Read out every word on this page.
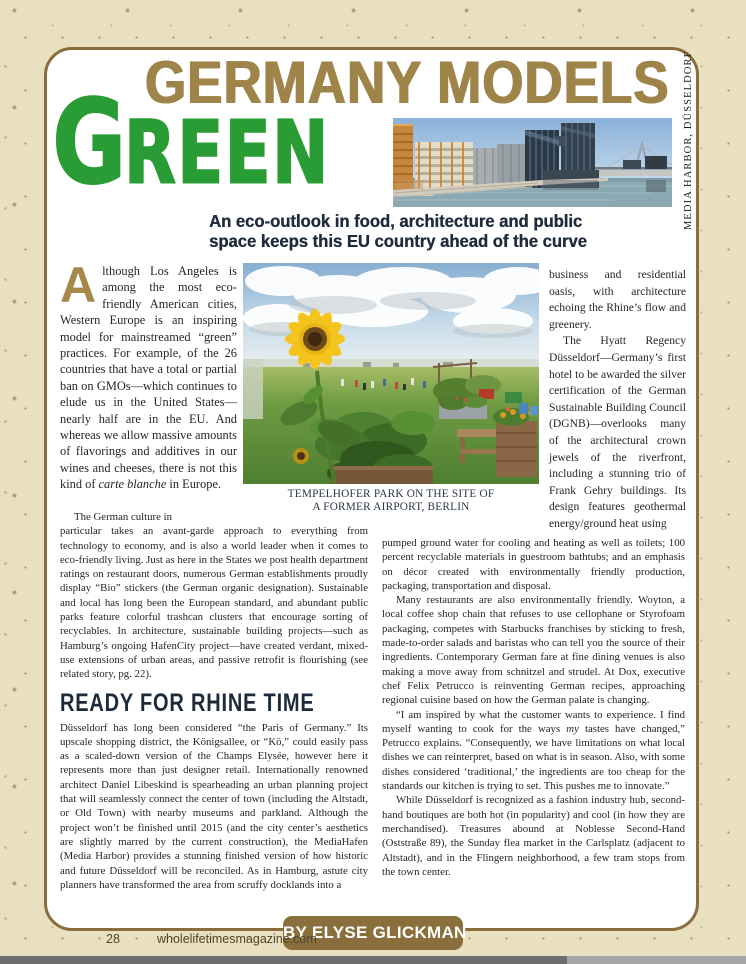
GERMANY MODELS
G
REEN	MEDIA HARBOR, DÜSSELDORF
An eco-outlook in food, architecture and public
space keeps this EU country ahead of the curve

Although Los Angeles is among the most eco-friendly American cities, Western Europe is an inspiring model for mainstreamed “green” practices. For example, of the 26 countries that have a total or partial ban on GMOs—which continues to elude us in the United States—nearly half are in the EU. And whereas we allow massive amounts of flavorings and additives in our wines and cheeses, there is not this kind of carte blanche in Europe.

TEMPELHOFER PARK ON THE SITE OF
A FORMER AIRPORT, BERLIN

business and residential oasis, with architecture echoing the Rhine’s flow and greenery.

The Hyatt Regency Düsseldorf—Germany’s first hotel to be awarded the silver certification of the German Sustainable Building Council (DGNB)—overlooks many of the architectural crown jewels of the riverfront, including a stunning trio of Frank Gehry buildings. Its design features geothermal energy/ground heat using

The German culture in
particular takes an avant-garde approach to everything from technology to economy, and is also a world leader when it comes to eco-friendly living. Just as here in the States we post health department ratings on restaurant doors, numerous German establishments proudly display “Bio” stickers (the German organic designation). Sustainable and local has long been the European standard, and abundant public parks feature colorful trashcan clusters that encourage sorting of recyclables. In architecture, sustainable building projects—such as Hamburg’s ongoing HafenCity project—have created verdant, mixed-use extensions of urban areas, and passive retrofit is flourishing (see related story, pg. 22).

READY FOR RHINE TIME

Düsseldorf has long been considered “the Paris of Germany.” Its upscale shopping district, the Königsallee, or “Kö,” could easily pass as a scaled-down version of the Champs Elysée, however here it represents more than just designer retail. Internationally renowned architect Daniel Libeskind is spearheading an urban planning project that will seamlessly connect the center of town (including the Altstadt, or Old Town) with nearby museums and parkland. Although the project won’t be finished until 2015 (and the city center’s aesthetics are slightly marred by the current construction), the MediaHafen (Media Harbor) provides a stunning finished version of how historic and future Düsseldorf will be reconciled. As in Hamburg, astute city planners have transformed the area from scruffy docklands into a

pumped ground water for cooling and heating as well as toilets; 100 percent recyclable materials in guestroom bathtubs; and an emphasis on décor created with environmentally friendly production, packaging, transportation and disposal.

Many restaurants are also environmentally friendly. Woyton, a local coffee shop chain that refuses to use cellophane or Styrofoam packaging, competes with Starbucks franchises by sticking to fresh, made-to-order salads and baristas who can tell you the source of their ingredients. Contemporary German fare at fine dining venues is also making a move away from schnitzel and strudel. At Dox, executive chef Felix Petrucco is reinventing German recipes, approaching regional cuisine based on how the German palate is changing.

“I am inspired by what the customer wants to experience. I find myself wanting to cook for the ways my tastes have changed,” Petrucco explains. “Consequently, we have limitations on what local dishes we can reinterpret, based on what is in season. Also, with some dishes considered ‘traditional,’ the ingredients are too cheap for the standards our kitchen is trying to set. This pushes me to innovate.”

While Düsseldorf is recognized as a fashion industry hub, second-hand boutiques are both hot (in popularity) and cool (in how they are merchandised). Treasures abound at Noblesse Second-Hand (Oststraße 89), the Sunday flea market in the Carlsplatz (adjacent to Altstadt), and in the Flingern neighborhood, a few tram stops from the town center.

BY ELYSE GLICKMAN
28	wholelifetimesmagazine.com
